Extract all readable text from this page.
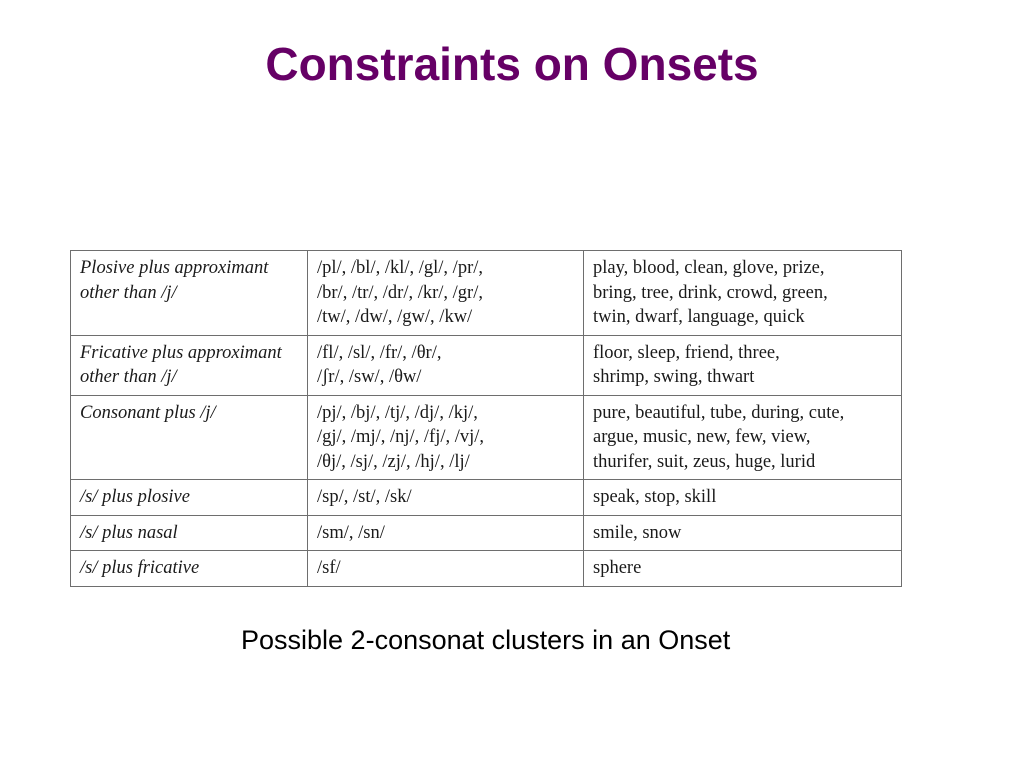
Constraints on Onsets
Plosive plus approximant
other than /j/	/pl/, /bl/, /kl/, /gl/, /pr/,
/br/, /tr/, /dr/, /kr/, /gr/,
/tw/, /dw/, /gw/, /kw/	play, blood, clean, glove, prize,
bring, tree, drink, crowd, green,
twin, dwarf, language, quick
Fricative plus approximant
other than /j/	/fl/, /sl/, /fr/, /θr/,
/ʃr/, /sw/, /θw/	floor, sleep, friend, three,
shrimp, swing, thwart
Consonant plus /j/	/pj/, /bj/, /tj/, /dj/, /kj/,
/gj/, /mj/, /nj/, /fj/, /vj/,
/θj/, /sj/, /zj/, /hj/, /lj/	pure, beautiful, tube, during, cute,
argue, music, new, few, view,
thurifer, suit, zeus, huge, lurid
/s/ plus plosive	/sp/, /st/, /sk/	speak, stop, skill
/s/ plus nasal	/sm/, /sn/	smile, snow
/s/ plus fricative	/sf/	sphere
Possible 2-consonat clusters in an Onset
